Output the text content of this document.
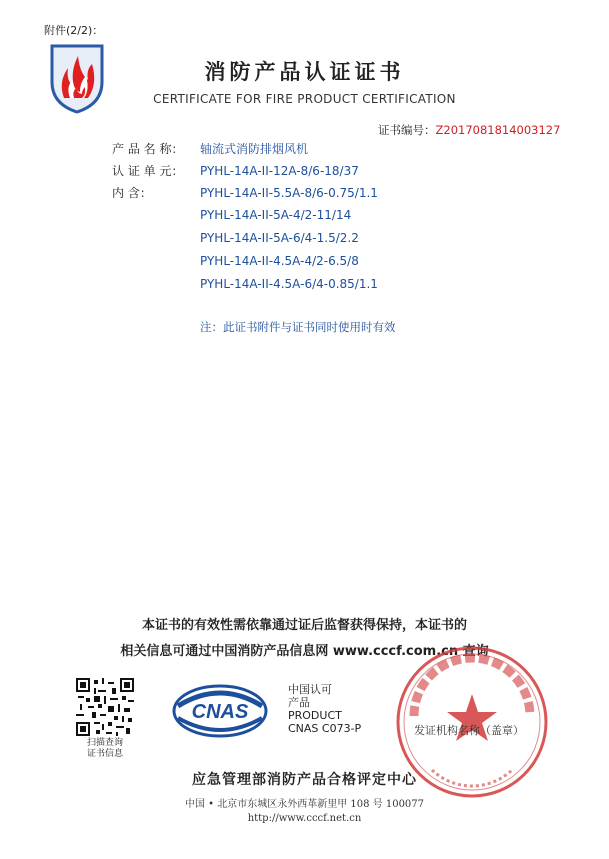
附件(2/2)：
消防产品认证证书
CERTIFICATE FOR FIRE PRODUCT CERTIFICATION
证书编号：Z2017081814003127
产 品 名 称： 轴流式消防排烟风机
认 证 单 元： PYHL-14A-II-12A-8/6-18/37
内 含：	PYHL-14A-II-5.5A-8/6-0.75/1.1
PYHL-14A-II-5A-4/2-11/14
PYHL-14A-II-5A-6/4-1.5/2.2
PYHL-14A-II-4.5A-4/2-6.5/8
PYHL-14A-II-4.5A-6/4-0.85/1.1
注：此证书附件与证书同时使用时有效
本证书的有效性需依靠通过证后监督获得保持，本证书的
相关信息可通过中国消防产品信息网 www.cccf.com.cn 查询
扫描查询
证书信息
CNAS
中国认可
产品
PRODUCT
CNAS C073-P	发证机构名称（盖章）
应急管理部消防产品合格评定中心
中国 • 北京市东城区永外西革新里甲 108 号 100077
http://www.cccf.net.cn
